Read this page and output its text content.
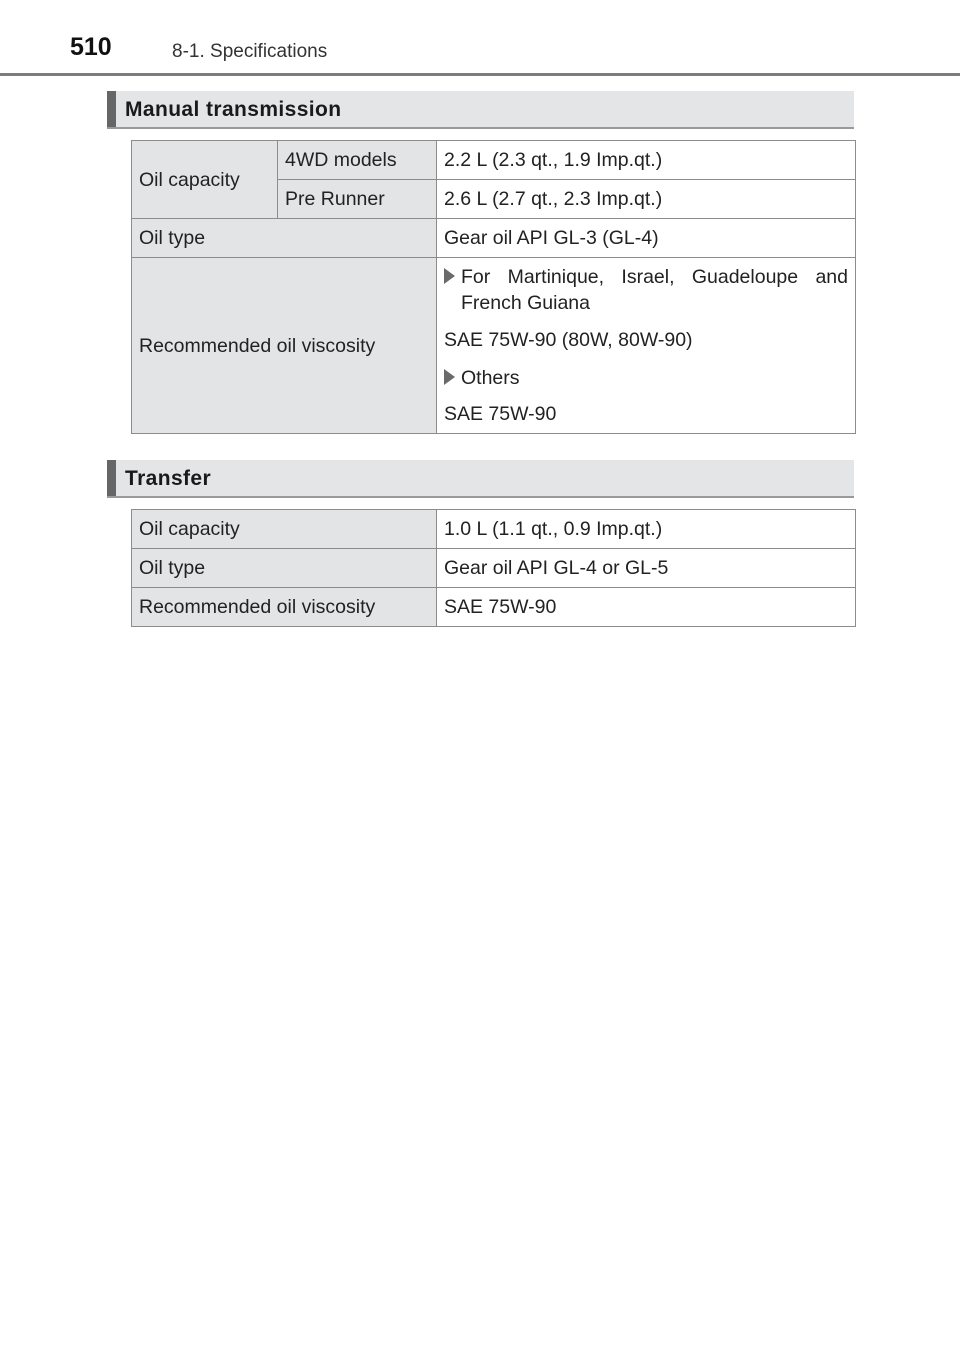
510	8-1. Specifications
Manual transmission
Oil capacity	4WD models	2.2 L (2.3 qt., 1.9 Imp.qt.)
	Pre Runner	2.6 L (2.7 qt., 2.3 Imp.qt.)
Oil type		Gear oil API GL-3 (GL-4)
Recommended oil viscosity		For Martinique, Israel, Guadeloupe and French Guiana
SAE 75W-90 (80W, 80W-90)
Others
SAE 75W-90
Transfer
Oil capacity	1.0 L (1.1 qt., 0.9 Imp.qt.)
Oil type	Gear oil API GL-4 or GL-5
Recommended oil viscosity	SAE 75W-90
